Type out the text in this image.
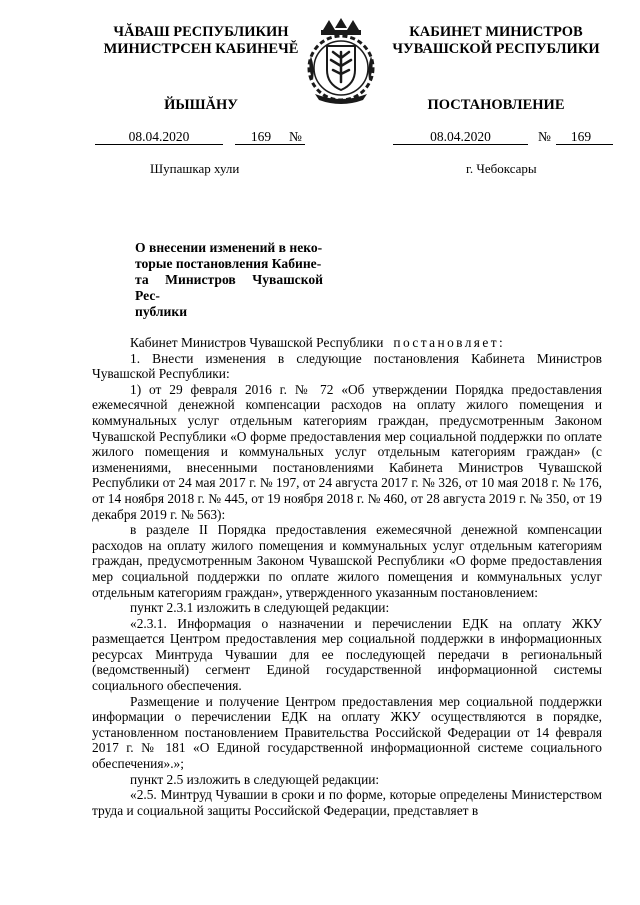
ЧĂВАШ РЕСПУБЛИКИН
МИНИСТРСЕН КАБИНЕЧĔ
ЙЫШĂНУ
КАБИНЕТ МИНИСТРОВ
ЧУВАШСКОЙ РЕСПУБЛИКИ
ПОСТАНОВЛЕНИЕ
08.04.2020	169	№	08.04.2020	№	169
Шупашкар хули	г. Чебоксары
О внесении изменений в неко-
торые постановления Кабине-
та Министров Чувашской Рес-
публики

Кабинет Министров Чувашской Республики постановляет:

1. Внести изменения в следующие постановления Кабинета Министров Чувашской Республики:

1) от 29 февраля 2016 г. № 72 «Об утверждении Порядка предоставления ежемесячной денежной компенсации расходов на оплату жилого помещения и коммунальных услуг отдельным категориям граждан, предусмотренным Законом Чувашской Республики «О форме предоставления мер социальной поддержки по оплате жилого помещения и коммунальных услуг отдельным категориям граждан» (с изменениями, внесенными постановлениями Кабинета Министров Чувашской Республики от 24 мая 2017 г. № 197, от 24 августа 2017 г. № 326, от 10 мая 2018 г. № 176, от 14 ноября 2018 г. № 445, от 19 ноября 2018 г. № 460, от 28 августа 2019 г. № 350, от 19 декабря 2019 г. № 563):

в разделе II Порядка предоставления ежемесячной денежной компенсации расходов на оплату жилого помещения и коммунальных услуг отдельным категориям граждан, предусмотренным Законом Чувашской Республики «О форме предоставления мер социальной поддержки по оплате жилого помещения и коммунальных услуг отдельным категориям граждан», утвержденного указанным постановлением:

пункт 2.3.1 изложить в следующей редакции:

«2.3.1. Информация о назначении и перечислении ЕДК на оплату ЖКУ размещается Центром предоставления мер социальной поддержки в информационных ресурсах Минтруда Чувашии для ее последующей передачи в региональный (ведомственный) сегмент Единой государственной информационной системы социального обеспечения.

Размещение и получение Центром предоставления мер социальной поддержки информации о перечислении ЕДК на оплату ЖКУ осуществляются в порядке, установленном постановлением Правительства Российской Федерации от 14 февраля 2017 г. № 181 «О Единой государственной информационной системе социального обеспечения».»;

пункт 2.5 изложить в следующей редакции:

«2.5. Минтруд Чувашии в сроки и по форме, которые определены Министерством труда и социальной защиты Российской Федерации, представляет в
